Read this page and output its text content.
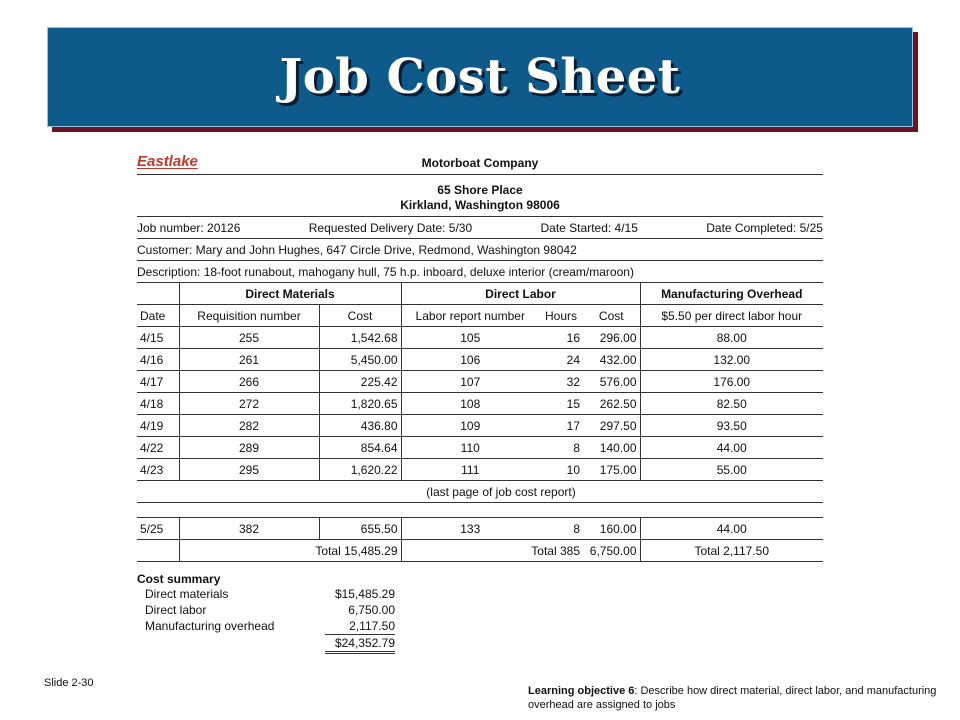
Job Cost Sheet
Eastlake	Motorboat Company
65 Shore Place
Kirkland, Washington 98006
Job number: 20126	Requested Delivery Date: 5/30	Date Started: 4/15	Date Completed: 5/25
Customer: Mary and John Hughes, 647 Circle Drive, Redmond, Washington 98042
Description: 18-foot runabout, mahogany hull, 75 h.p. inboard, deluxe interior (cream/maroon)
	Direct Materials		Direct Labor			Manufacturing Overhead
Date	Requisition number	Cost	Labor report number	Hours	Cost	$5.50 per direct labor hour
4/15	255	1,542.68	105	16	296.00	88.00
4/16	261	5,450.00	106	24	432.00	132.00
4/17	266	225.42	107	32	576.00	176.00
4/18	272	1,820.65	108	15	262.50	82.50
4/19	282	436.80	109	17	297.50	93.50
4/22	289	854.64	110	8	140.00	44.00
4/23	295	1,620.22	111	10	175.00	55.00
	(last page of job cost report)					

5/25	382	655.50	133	8	160.00	44.00
	Total 15,485.29		Total 385		6,750.00	Total 2,117.50
Cost summary
Direct materials	$15,485.29
Direct labor	6,750.00
Manufacturing overhead	2,117.50
	$24,352.79
Slide 2-30
Learning objective 6: Describe how direct material, direct labor, and manufacturing overhead are assigned to jobs
